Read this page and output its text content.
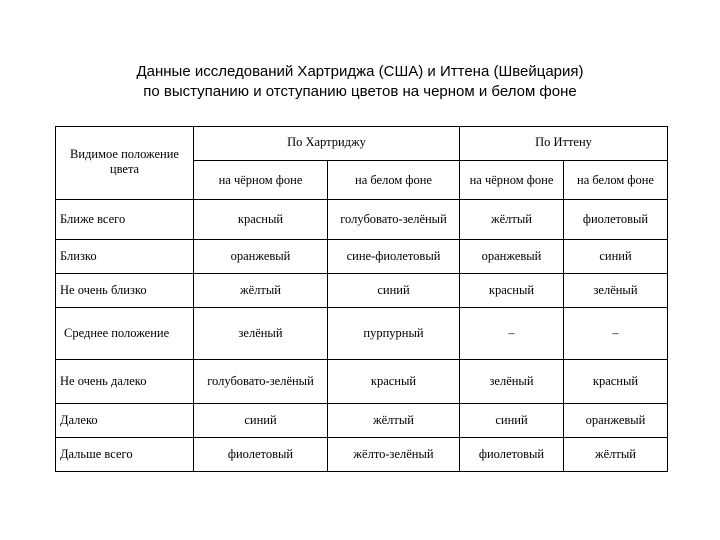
Данные исследований Хартриджа (США) и Иттена (Швейцария)
по выступанию и отступанию цветов на черном и белом фоне
Видимое положение цвета	По Хартриджу		По Иттену	
	на чёрном фоне	на белом фоне	на чёрном фоне	на белом фоне
Ближе всего	красный	голубовато-зелёный	жёлтый	фиолетовый
Близко	оранжевый	сине-фиолетовый	оранжевый	синий
Не очень близко	жёлтый	синий	красный	зелёный
Среднее положение	зелёный	пурпурный	–	–
Не очень далеко	голубовато-зелёный	красный	зелёный	красный
Далеко	синий	жёлтый	синий	оранжевый
Дальше всего	фиолетовый	жёлто-зелёный	фиолетовый	жёлтый
